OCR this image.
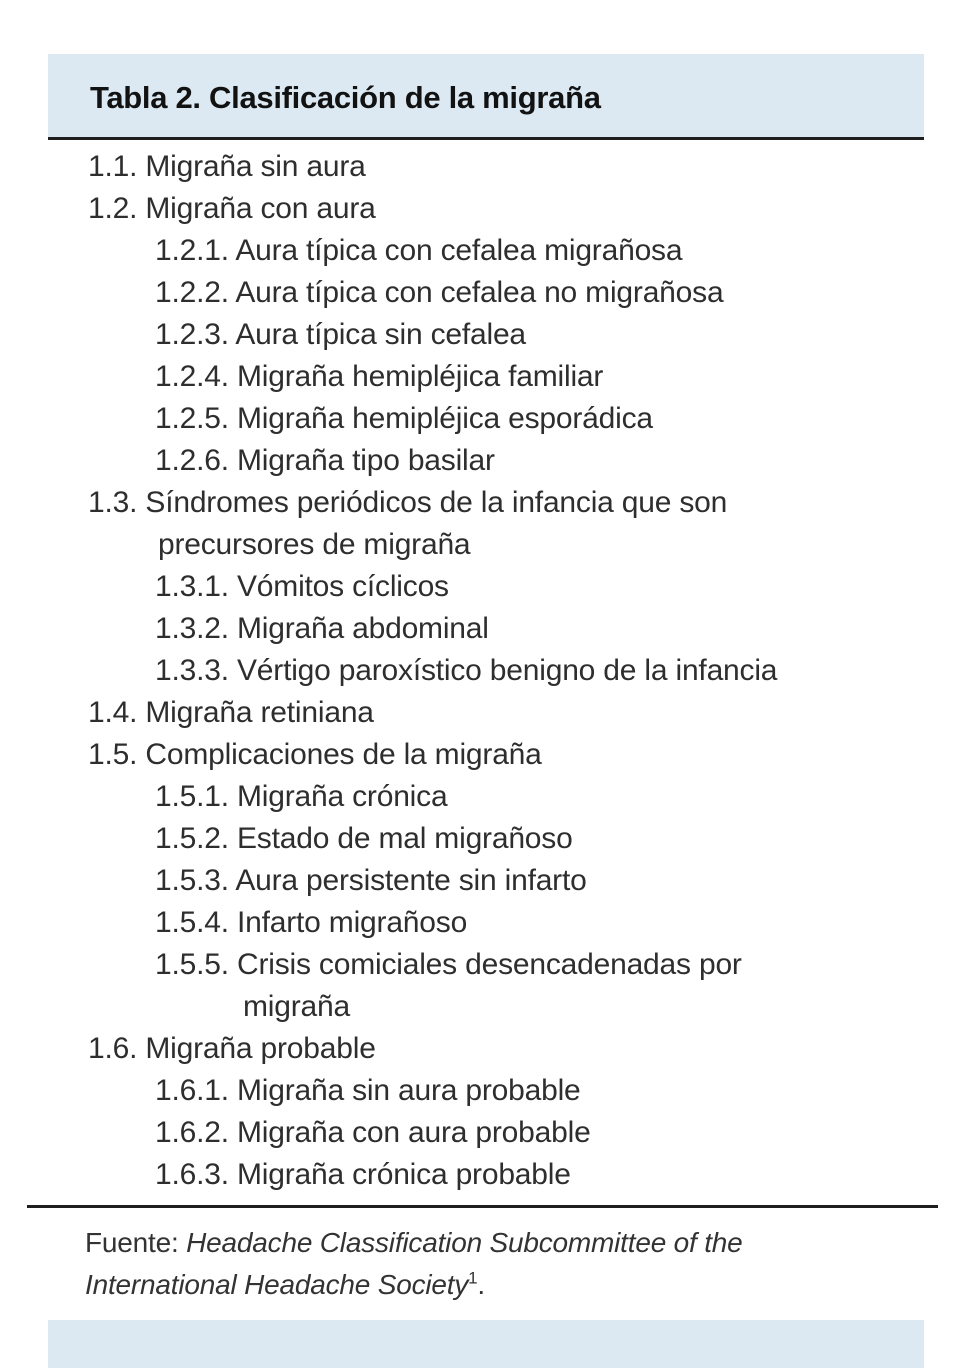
Tabla 2. Clasificación de la migraña
1.1. Migraña sin aura
1.2. Migraña con aura
1.2.1. Aura típica con cefalea migrañosa
1.2.2. Aura típica con cefalea no migrañosa
1.2.3. Aura típica sin cefalea
1.2.4. Migraña hemipléjica familiar
1.2.5. Migraña hemipléjica esporádica
1.2.6. Migraña tipo basilar
1.3. Síndromes periódicos de la infancia que son
precursores de migraña
1.3.1. Vómitos cíclicos
1.3.2. Migraña abdominal
1.3.3. Vértigo paroxístico benigno de la infancia
1.4. Migraña retiniana
1.5. Complicaciones de la migraña
1.5.1. Migraña crónica
1.5.2. Estado de mal migrañoso
1.5.3. Aura persistente sin infarto
1.5.4. Infarto migrañoso
1.5.5. Crisis comiciales desencadenadas por
migraña
1.6. Migraña probable
1.6.1. Migraña sin aura probable
1.6.2. Migraña con aura probable
1.6.3. Migraña crónica probable

Fuente: Headache Classification Subcommittee of the
International Headache Society$^1$.
